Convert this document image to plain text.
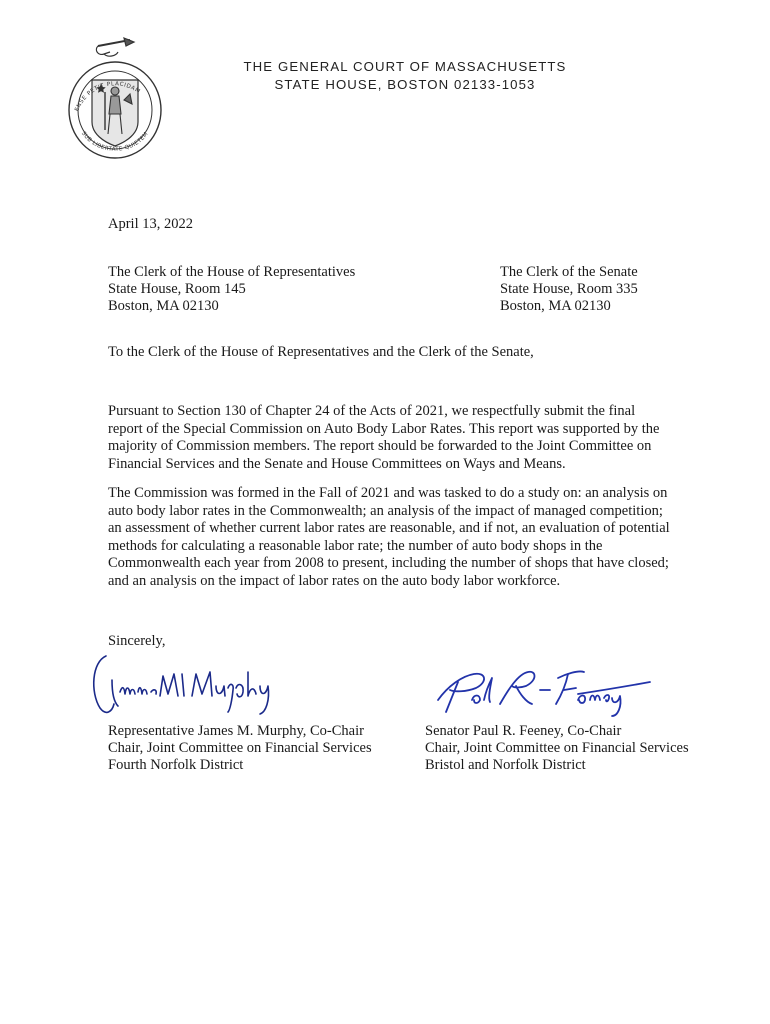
ENSE PETIT PLACIDAM
SUB LIBERTATE QUIETEM
THE GENERAL COURT OF MASSACHUSETTS
STATE HOUSE, BOSTON 02133-1053
April 13, 2022
The Clerk of the House of Representatives
State House, Room 145
Boston, MA 02130
The Clerk of the Senate
State House, Room 335
Boston, MA 02130
To the Clerk of the House of Representatives and the Clerk of the Senate,
Pursuant to Section 130 of Chapter 24 of the Acts of 2021, we respectfully submit the final
report of the Special Commission on Auto Body Labor Rates. This report was supported by the
majority of Commission members. The report should be forwarded to the Joint Committee on
Financial Services and the Senate and House Committees on Ways and Means.
The Commission was formed in the Fall of 2021 and was tasked to do a study on: an analysis on
auto body labor rates in the Commonwealth; an analysis of the impact of managed competition;
an assessment of whether current labor rates are reasonable, and if not, an evaluation of potential
methods for calculating a reasonable labor rate; the number of auto body shops in the
Commonwealth each year from 2008 to present, including the number of shops that have closed;
and an analysis on the impact of labor rates on the auto body labor workforce.
Sincerely,
Representative James M. Murphy, Co-Chair
Chair, Joint Committee on Financial Services
Fourth Norfolk District
Senator Paul R. Feeney, Co-Chair
Chair, Joint Committee on Financial Services
Bristol and Norfolk District
